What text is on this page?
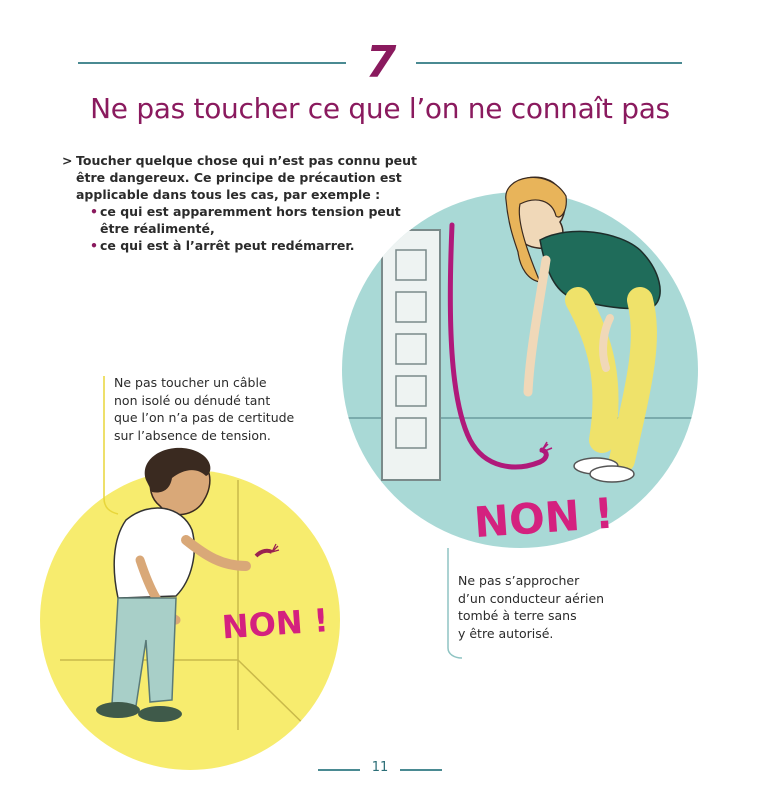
7
Ne pas toucher ce que l’on ne connaît pas
> Toucher quelque chose qui n’est pas connu peut être dangereux. Ce principe de précaution est applicable dans tous les cas, par exemple :
• ce qui est apparemment hors tension peut être réalimenté,
• ce qui est à l’arrêt peut redémarrer.
NON !
NON !
Ne pas toucher un câble
non isolé ou dénudé tant
que l’on n’a pas de certitude
sur l’absence de tension.
Ne pas s’approcher
d’un conducteur aérien
tombé à terre sans
y être autorisé.
11
